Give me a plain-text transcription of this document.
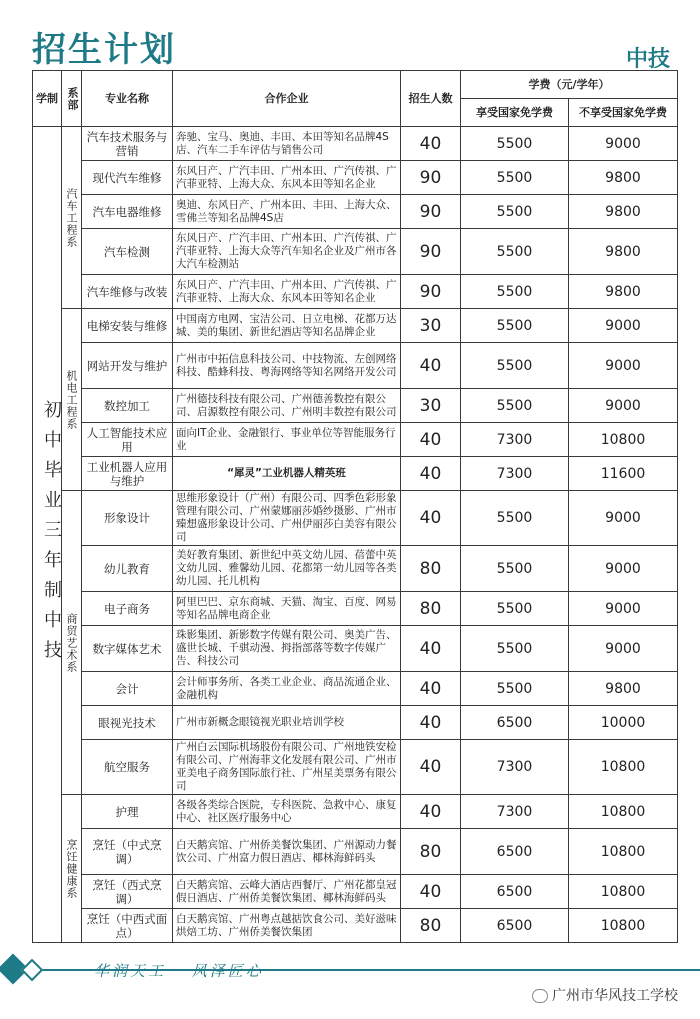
招生计划	中技
学制	系部	专业名称	合作企业	招生人数	学费（元/学年）	
					享受国家免学费	不享受国家免学费

初中毕业三年制中技	汽车工程系	汽车技术服务与营销	奔驰、宝马、奥迪、丰田、本田等知名品牌4S店、汽车二手车评估与销售公司	40	5500	9000
		现代汽车维修	东风日产、广汽丰田、广州本田、广汽传祺、广汽菲亚特、上海大众、东风本田等知名企业	90	5500	9800
		汽车电器维修	奥迪、东风日产、广州本田、丰田、上海大众、雪佛兰等知名品牌4S店	90	5500	9800
		汽车检测	东风日产、广汽丰田、广州本田、广汽传祺、广汽菲亚特、上海大众等汽车知名企业及广州市各大汽车检测站	90	5500	9800
		汽车维修与改装	东风日产、广汽丰田、广州本田、广汽传祺、广汽菲亚特、上海大众、东风本田等知名企业	90	5500	9800

	机电工程系	电梯安装与维修	中国南方电网、宝洁公司、日立电梯、花都万达城、美的集团、新世纪酒店等知名品牌企业	30	5500	9000
		网站开发与维护	广州市中拓信息科技公司、中技物流、左创网络科技、酷蜂科技、粤海网络等知名网络开发公司	40	5500	9000
		数控加工	广州德技科技有限公司、广州德善数控有限公司、启源数控有限公司、广州明丰数控有限公司	30	5500	9000
		人工智能技术应用	面向IT企业、金融银行、事业单位等智能服务行业	40	7300	10800
		工业机器人应用与维护	“犀灵”工业机器人精英班	40	7300	11600

	商贸艺术系	形象设计	思维形象设计（广州）有限公司、四季色彩形象管理有限公司、广州蒙娜丽莎婚纱摄影、广州市臻想盛形象设计公司、广州伊丽莎白美容有限公司	40	5500	9000
		幼儿教育	美好教育集团、新世纪中英文幼儿园、蓓蕾中英文幼儿园、雅馨幼儿园、花都第一幼儿园等各类幼儿园、托儿机构	80	5500	9000
		电子商务	阿里巴巴、京东商城、天猫、淘宝、百度、网易等知名品牌电商企业	80	5500	9000
		数字媒体艺术	珠影集团、新影数字传媒有限公司、奥美广告、盛世长城、千骐动漫、拇指部落等数字传媒广告、科技公司	40	5500	9000
		会计	会计师事务所、各类工业企业、商品流通企业、金融机构	40	5500	9800
		眼视光技术	广州市新概念眼镜视光职业培训学校	40	6500	10000
		航空服务	广州白云国际机场股份有限公司、广州地铁安检有限公司、广州海菲文化发展有限公司、广州市亚美电子商务国际旅行社、广州星美票务有限公司	40	7300	10800

	烹饪健康系	护理	各级各类综合医院，专科医院、急救中心、康复中心、社区医疗服务中心	40	7300	10800
		烹饪（中式烹调）	白天鹅宾馆、广州侨美餐饮集团、广州源动力餐饮公司、广州富力假日酒店、椰林海鲜码头	80	6500	10800
		烹饪（西式烹调）	白天鹅宾馆、云峰大酒店西餐厅、广州花都皇冠假日酒店、广州侨美餐饮集团、椰林海鲜码头	40	6500	10800
		烹饪（中西式面点）	白天鹅宾馆、广州粤点越掂饮食公司、美好滋味烘焙工坊、广州侨美餐饮集团	80	6500	10800
华润天工　 风泽匠心
广州市华风技工学校
